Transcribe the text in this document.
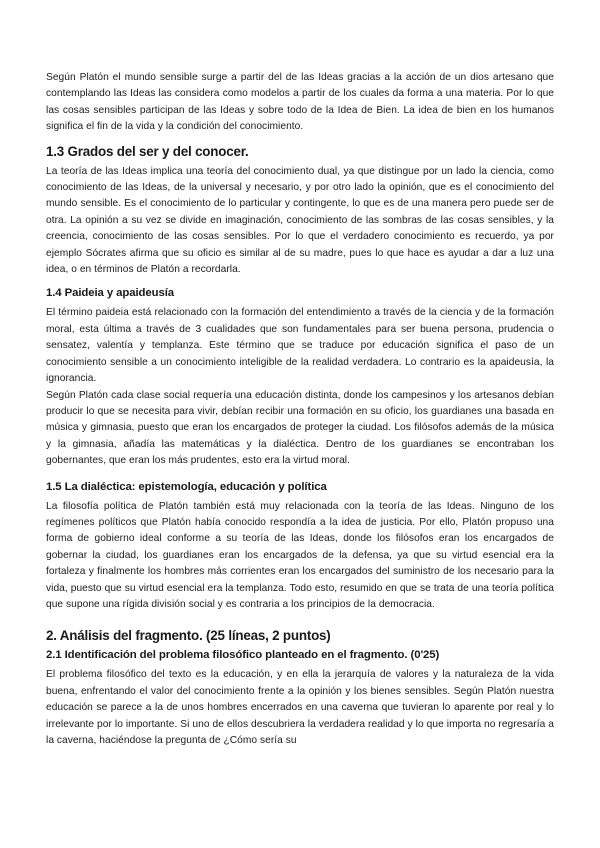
Según Platón el mundo sensible surge a partir del de las Ideas gracias a la acción de un dios artesano que contemplando las Ideas las considera como modelos a partir de los cuales da forma a una materia. Por lo que las cosas sensibles participan de las Ideas y sobre todo de la Idea de Bien. La idea de bien en los humanos significa el fin de la vida y la condición del conocimiento.

1.3 Grados del ser y del conocer.

La teoría de las Ideas implica una teoría del conocimiento dual, ya que distingue por un lado la ciencia, como conocimiento de las Ideas, de la universal y necesario, y por otro lado la opinión, que es el conocimiento del mundo sensible. Es el conocimiento de lo particular y contingente, lo que es de una manera pero puede ser de otra. La opinión a su vez se divide en imaginación, conocimiento de las sombras de las cosas sensibles, y la creencia, conocimiento de las cosas sensibles. Por lo que el verdadero conocimiento es recuerdo, ya por ejemplo Sócrates afirma que su oficio es similar al de su madre, pues lo que hace es ayudar a dar a luz una idea, o en términos de Platón a recordarla.

1.4 Paideia y apaideusía

El término paideia está relacionado con la formación del entendimiento a través de la ciencia y de la formación moral, esta última a través de 3 cualidades que son fundamentales para ser buena persona, prudencia o sensatez, valentía y templanza. Este término que se traduce por educación significa el paso de un conocimiento sensible a un conocimiento inteligible de la realidad verdadera. Lo contrario es la apaideusía, la ignorancia.

Según Platón cada clase social requería una educación distinta, donde los campesinos y los artesanos debían producir lo que se necesita para vivir, debían recibir una formación en su oficio, los guardianes una basada en música y gimnasia, puesto que eran los encargados de proteger la ciudad. Los filósofos además de la música y la gimnasia, añadía las matemáticas y la dialéctica. Dentro de los guardianes se encontraban los gobernantes, que eran los más prudentes, esto era la virtud moral.

1.5 La dialéctica: epistemología, educación y política

La filosofía política de Platón también está muy relacionada con la teoría de las Ideas. Ninguno de los regímenes políticos que Platón había conocido respondía a la idea de justicia. Por ello, Platón propuso una forma de gobierno ideal conforme a su teoría de las Ideas, donde los filósofos eran los encargados de gobernar la ciudad, los guardianes eran los encargados de la defensa, ya que su virtud esencial era la fortaleza y finalmente los hombres más corrientes eran los encargados del suministro de los necesario para la vida, puesto que su virtud esencial era la templanza. Todo esto, resumido en que se trata de una teoría política que supone una rígida división social y es contraria a los principios de la democracia.

2. Análisis del fragmento. (25 líneas, 2 puntos)
2.1 Identificación del problema filosófico planteado en el fragmento. (0'25)

El problema filosófico del texto es la educación, y en ella la jerarquía de valores y la naturaleza de la vida buena, enfrentando el valor del conocimiento frente a la opinión y los bienes sensibles. Según Platón nuestra educación se parece a la de unos hombres encerrados en una caverna que tuvieran lo aparente por real y lo irrelevante por lo importante. Si uno de ellos descubriera la verdadera realidad y lo que importa no regresaría a la caverna, haciéndose la pregunta de ¿Cómo sería su
